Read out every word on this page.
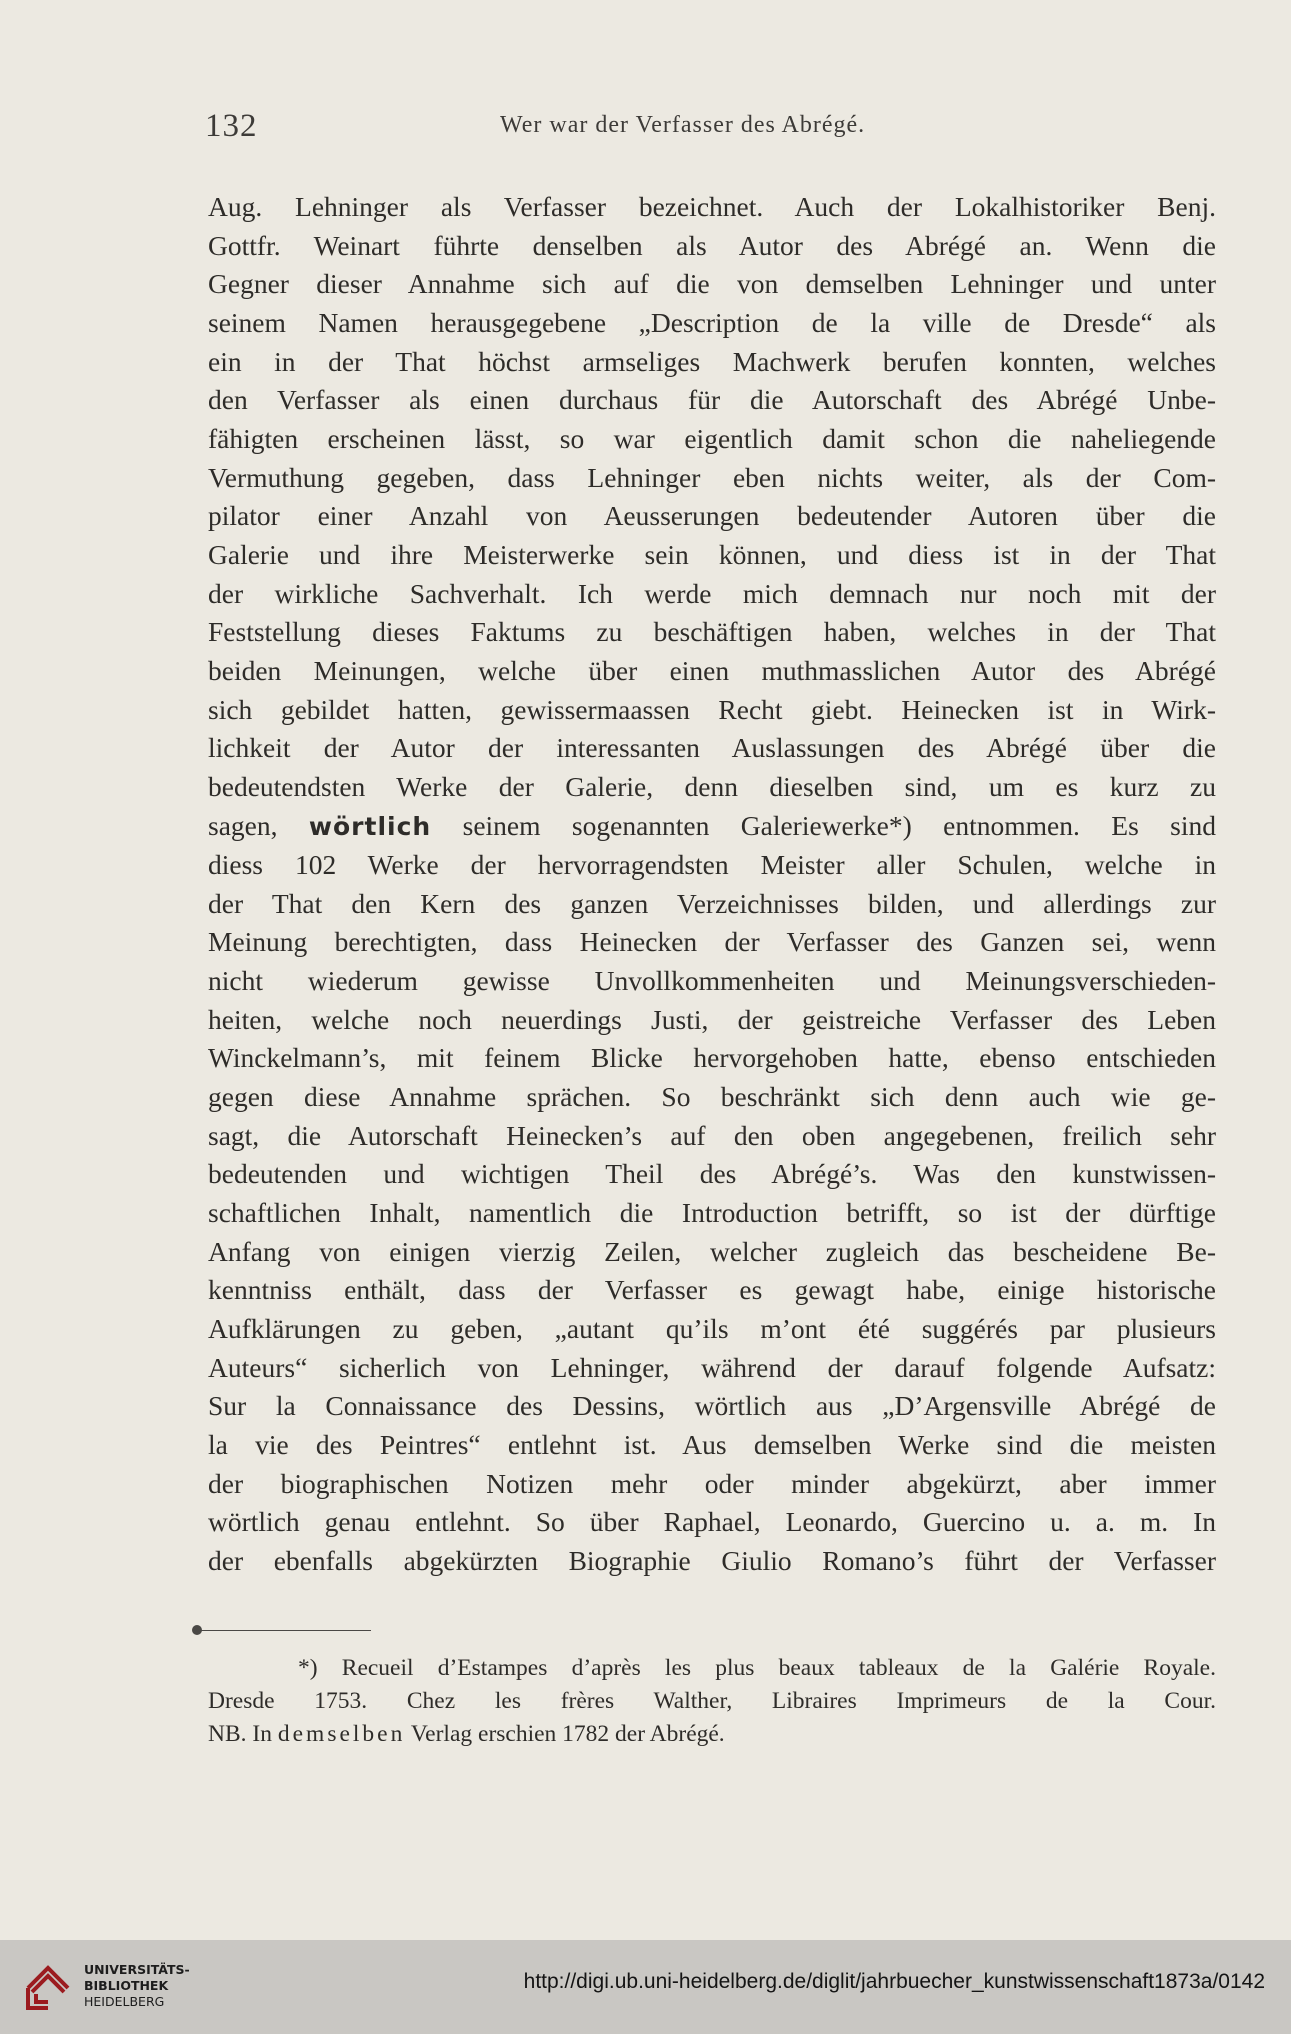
132	Wer war der Verfasser des Abrégé.
Aug. Lehninger als Verfasser bezeichnet. Auch der Lokalhistoriker Benj.
Gottfr. Weinart führte denselben als Autor des Abrégé an. Wenn die
Gegner dieser Annahme sich auf die von demselben Lehninger und unter
seinem Namen herausgegebene „Description de la ville de Dresde“ als
ein in der That höchst armseliges Machwerk berufen konnten, welches
den Verfasser als einen durchaus für die Autorschaft des Abrégé Unbe-
fähigten erscheinen lässt, so war eigentlich damit schon die naheliegende
Vermuthung gegeben, dass Lehninger eben nichts weiter, als der Com-
pilator einer Anzahl von Aeusserungen bedeutender Autoren über die
Galerie und ihre Meisterwerke sein können, und diess ist in der That
der wirkliche Sachverhalt. Ich werde mich demnach nur noch mit der
Feststellung dieses Faktums zu beschäftigen haben, welches in der That
beiden Meinungen, welche über einen muthmasslichen Autor des Abrégé
sich gebildet hatten, gewissermaassen Recht giebt. Heinecken ist in Wirk-
lichkeit der Autor der interessanten Auslassungen des Abrégé über die
bedeutendsten Werke der Galerie, denn dieselben sind, um es kurz zu
sagen, wörtlich seinem sogenannten Galeriewerke*) entnommen. Es sind
diess 102 Werke der hervorragendsten Meister aller Schulen, welche in
der That den Kern des ganzen Verzeichnisses bilden, und allerdings zur
Meinung berechtigten, dass Heinecken der Verfasser des Ganzen sei, wenn
nicht wiederum gewisse Unvollkommenheiten und Meinungsverschieden-
heiten, welche noch neuerdings Justi, der geistreiche Verfasser des Leben
Winckelmann’s, mit feinem Blicke hervorgehoben hatte, ebenso entschieden
gegen diese Annahme sprächen. So beschränkt sich denn auch wie ge-
sagt, die Autorschaft Heinecken’s auf den oben angegebenen, freilich sehr
bedeutenden und wichtigen Theil des Abrégé’s. Was den kunstwissen-
schaftlichen Inhalt, namentlich die Introduction betrifft, so ist der dürftige
Anfang von einigen vierzig Zeilen, welcher zugleich das bescheidene Be-
kenntniss enthält, dass der Verfasser es gewagt habe, einige historische
Aufklärungen zu geben, „autant qu’ils m’ont été suggérés par plusieurs
Auteurs“ sicherlich von Lehninger, während der darauf folgende Aufsatz:
Sur la Connaissance des Dessins, wörtlich aus „D’Argensville Abrégé de
la vie des Peintres“ entlehnt ist. Aus demselben Werke sind die meisten
der biographischen Notizen mehr oder minder abgekürzt, aber immer
wörtlich genau entlehnt. So über Raphael, Leonardo, Guercino u. a. m. In
der ebenfalls abgekürzten Biographie Giulio Romano’s führt der Verfasser
*) Recueil d’Estampes d’après les plus beaux tableaux de la Galérie Royale.
Dresde 1753. Chez les frères Walther, Libraires Imprimeurs de la Cour.
NB. In demselben Verlag erschien 1782 der Abrégé.
UNIVERSITÄTS-
BIBLIOTHEK
HEIDELBERG
http://digi.ub.uni-heidelberg.de/diglit/jahrbuecher_kunstwissenschaft1873a/0142
